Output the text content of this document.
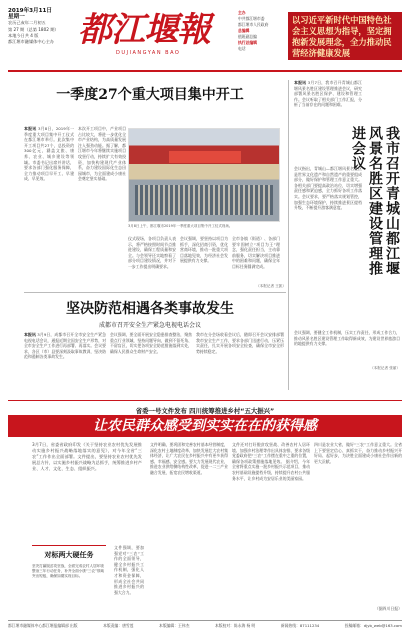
2019年3月11日
星期一
农历己亥年二月初五
第 27 期（总第 1802 期）
本地今日共 4 版
都江堰市融媒体中心主办 都江堰報
DUJIANGYAN BAO
主办
中共都江堰市委
都江堰市人民政府
总编辑
值班副总编
执行总编辑
电话
以习近平新时代中国特色社会主义思想为指导，坚定拥抱新发展理念，全力推动民营经济健康发展
一季度27个重大项目集中开工
本报讯 3月8日，2019年一季度重大项目集中开工仪式在都江堰市举行。此次集中开工项目共27个，总投资约300亿元，涵盖文旅、康养、农业、城乡建设等领域。市委书记出席并讲话，要求各部门强化服务保障，全力推动项目早开工、早建成、早见效。
本次开工项目中，产业项目占比较大，将进一步优化全市产业结构，为高质量发展注入强劲动能。据了解，都江堰市今年将继续实施项目攻坚行动，持续扩大有效投资，加快构建现代产业体系，奋力建设国际化生态田园城市，为全面建成小康社会奠定坚实基础。
3月8日上午，都江堰市2019年一季度重大项目集中开工仪式现场。
仪式现场，各项目负责人表示，将严格按照时间节点推进建设，确保工程质量和安全。与会领导还实地察看了部分项目建设情况，并对下一步工作提出明确要求。
会议强调，要坚持以项目为抓手，深化招商引资，优化营商环境，推动一批重大项目落地见效，为经济社会发展提供有力支撑。
全市各镇（街道）、各部门要牢固树立“项目为王”理念，强化责任担当，主动靠前服务，切实解决项目推进中的困难和问题，确保全年目标任务圆满完成。
（本报记者 王凯）
本报讯 3月7日，我市召开青城山都江堰风景名胜区建设管理推进会议，研究部署风景名胜区保护、建设和管理工作。会议听取了相关部门工作汇报，分析了当前存在的问题和困难。
我市召开青城山都江堰风景名胜区建设管理推进会议
会议指出，青城山—都江堰风景名胜区是世界文化遗产和自然遗产的重要组成部分，做好保护和管理工作意义重大。各相关部门要提高政治站位，切实增强责任感和紧迫感，全力抓好各项工作落实。会议要求，要严格落实规划管控，加强生态环境保护，持续推进景区提档升级，不断提升游客满意度。
会议强调，要健全工作机制，压实工作责任，形成工作合力，推动风景名胜区建设管理工作取得新成效，为建设世界旅游目的地提供有力支撑。
（本报记者 张丽）
坚决防范相遇各类事故发生
成都市召开安全生产紧急电视电话会议
本报讯 3月9日，成都市召开全市安全生产紧急电视电话会议，通报近期全国安全生产形势，对全市安全生产工作进行再部署、再落实。会议要求，各区（市）县要深刻汲取事故教训，坚决防范和遏制各类事故发生。
会议强调，要全面开展安全隐患排查整治，聚焦重点行业领域，坚持问题导向，做到不留死角、不留盲区，切实把各项安全防范措施落到实处，确保人民群众生命财产安全。
我市在分会场收看会议后，随即召开会议安排部署我市安全生产工作，要求各部门迅速行动，压紧压实责任，扎实开展各项安全检查，确保全市安全形势持续稳定。
省委一号文件发布 四川统筹推进乡村“五大振兴”
让农民群众感受到实实在在的获得感
3月7日，省委省政府印发《关于坚持农业农村优先发展推动实施乡村振兴战略落地落实的意见》，对今年全省“三农”工作作出全面部署。文件提出，要坚持农业农村优先发展总方针，以实施乡村振兴战略为总抓手，统筹推进乡村产业、人才、文化、生态、组织振兴。
文件强调，要加强党对“三农”工作的全面领导，健全乡村振兴工作机制，强化人才和资金保障，形成全社会共同推进乡村振兴的强大合力。
文件明确，要巩固和完善农村基本经营制度，深化农村土地制度改革，加快发展壮大农村集体经济，让广大农民在乡村振兴中有更多获得感、幸福感、安全感。要大力发展现代农业，推进农业供给侧结构性改革，促进一二三产业融合发展，拓宽农民增收渠道。
文件还对打好脱贫攻坚战、改善农村人居环境、加强乡村治理等作出具体安排，要求各级党委政府把“三农”工作摆在重中之重的位置，确保各项政策措施落地见效。 据介绍，今年全省将重点实施一批乡村振兴示范项目，推动农村基础设施提档升级，持续提升农村公共服务水平，让乡村成为安居乐业的美丽家园。
四川是农业大省，做好“三农”工作意义重大。全省上下要坚定信心、真抓实干，奋力推动乡村振兴开好局、起好步，为决胜全面建成小康社会作出新的更大贡献。
（据四川日报）
对标两大硬任务
坚决打赢脱贫攻坚战，全面完成农村人居环境整治三年行动任务，补齐全面小康“三农”领域突出短板，确保如期实现目标。
都江堰市融媒体中心都江堰报编辑部 出版	本版责编：唐雪莲	本版编辑：王伟杰	本版校对：陈永海 杨 明	新闻热线：87111234	投稿邮箱：djyb_web@163.com
